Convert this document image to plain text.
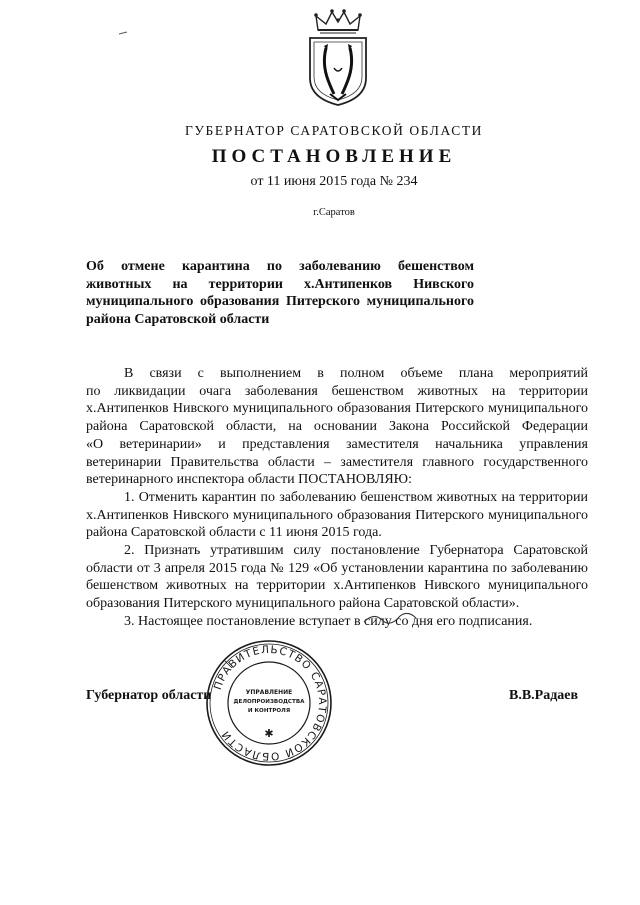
ГУБЕРНАТОР САРАТОВСКОЙ ОБЛАСТИ
ПОСТАНОВЛЕНИЕ
от 11 июня 2015 года № 234
г.Саратов
Об отмене карантина по заболеванию бешенством
животных на территории х.Антипенков Нивского
муниципального образования Питерского муниципального
района Саратовской области
В связи с выполнением в полном объеме плана мероприятий
по ликвидации очага заболевания бешенством животных на территории
х.Антипенков Нивского муниципального образования Питерского муниципального
района Саратовской области, на основании Закона Российской Федерации
«О ветеринарии» и представления заместителя начальника управления
ветеринарии Правительства области – заместителя главного государственного
ветеринарного инспектора области ПОСТАНОВЛЯЮ:
1. Отменить карантин по заболеванию бешенством животных на территории
х.Антипенков Нивского муниципального образования Питерского муниципального
района Саратовской области с 11 июня 2015 года.
2. Признать утратившим силу постановление Губернатора Саратовской
области от 3 апреля 2015 года № 129 «Об установлении карантина по заболеванию
бешенством животных на территории х.Антипенков Нивского муниципального
образования Питерского муниципального района Саратовской области».
3. Настоящее постановление вступает в силу со дня его подписания.
Губернатор области	В.В.Радаев
ПРАВИТЕЛЬСТВО САРАТОВСКОЙ ОБЛАСТИ
УПРАВЛЕНИЕ
ДЕЛОПРОИЗВОДСТВА
И КОНТРОЛЯ
✱
